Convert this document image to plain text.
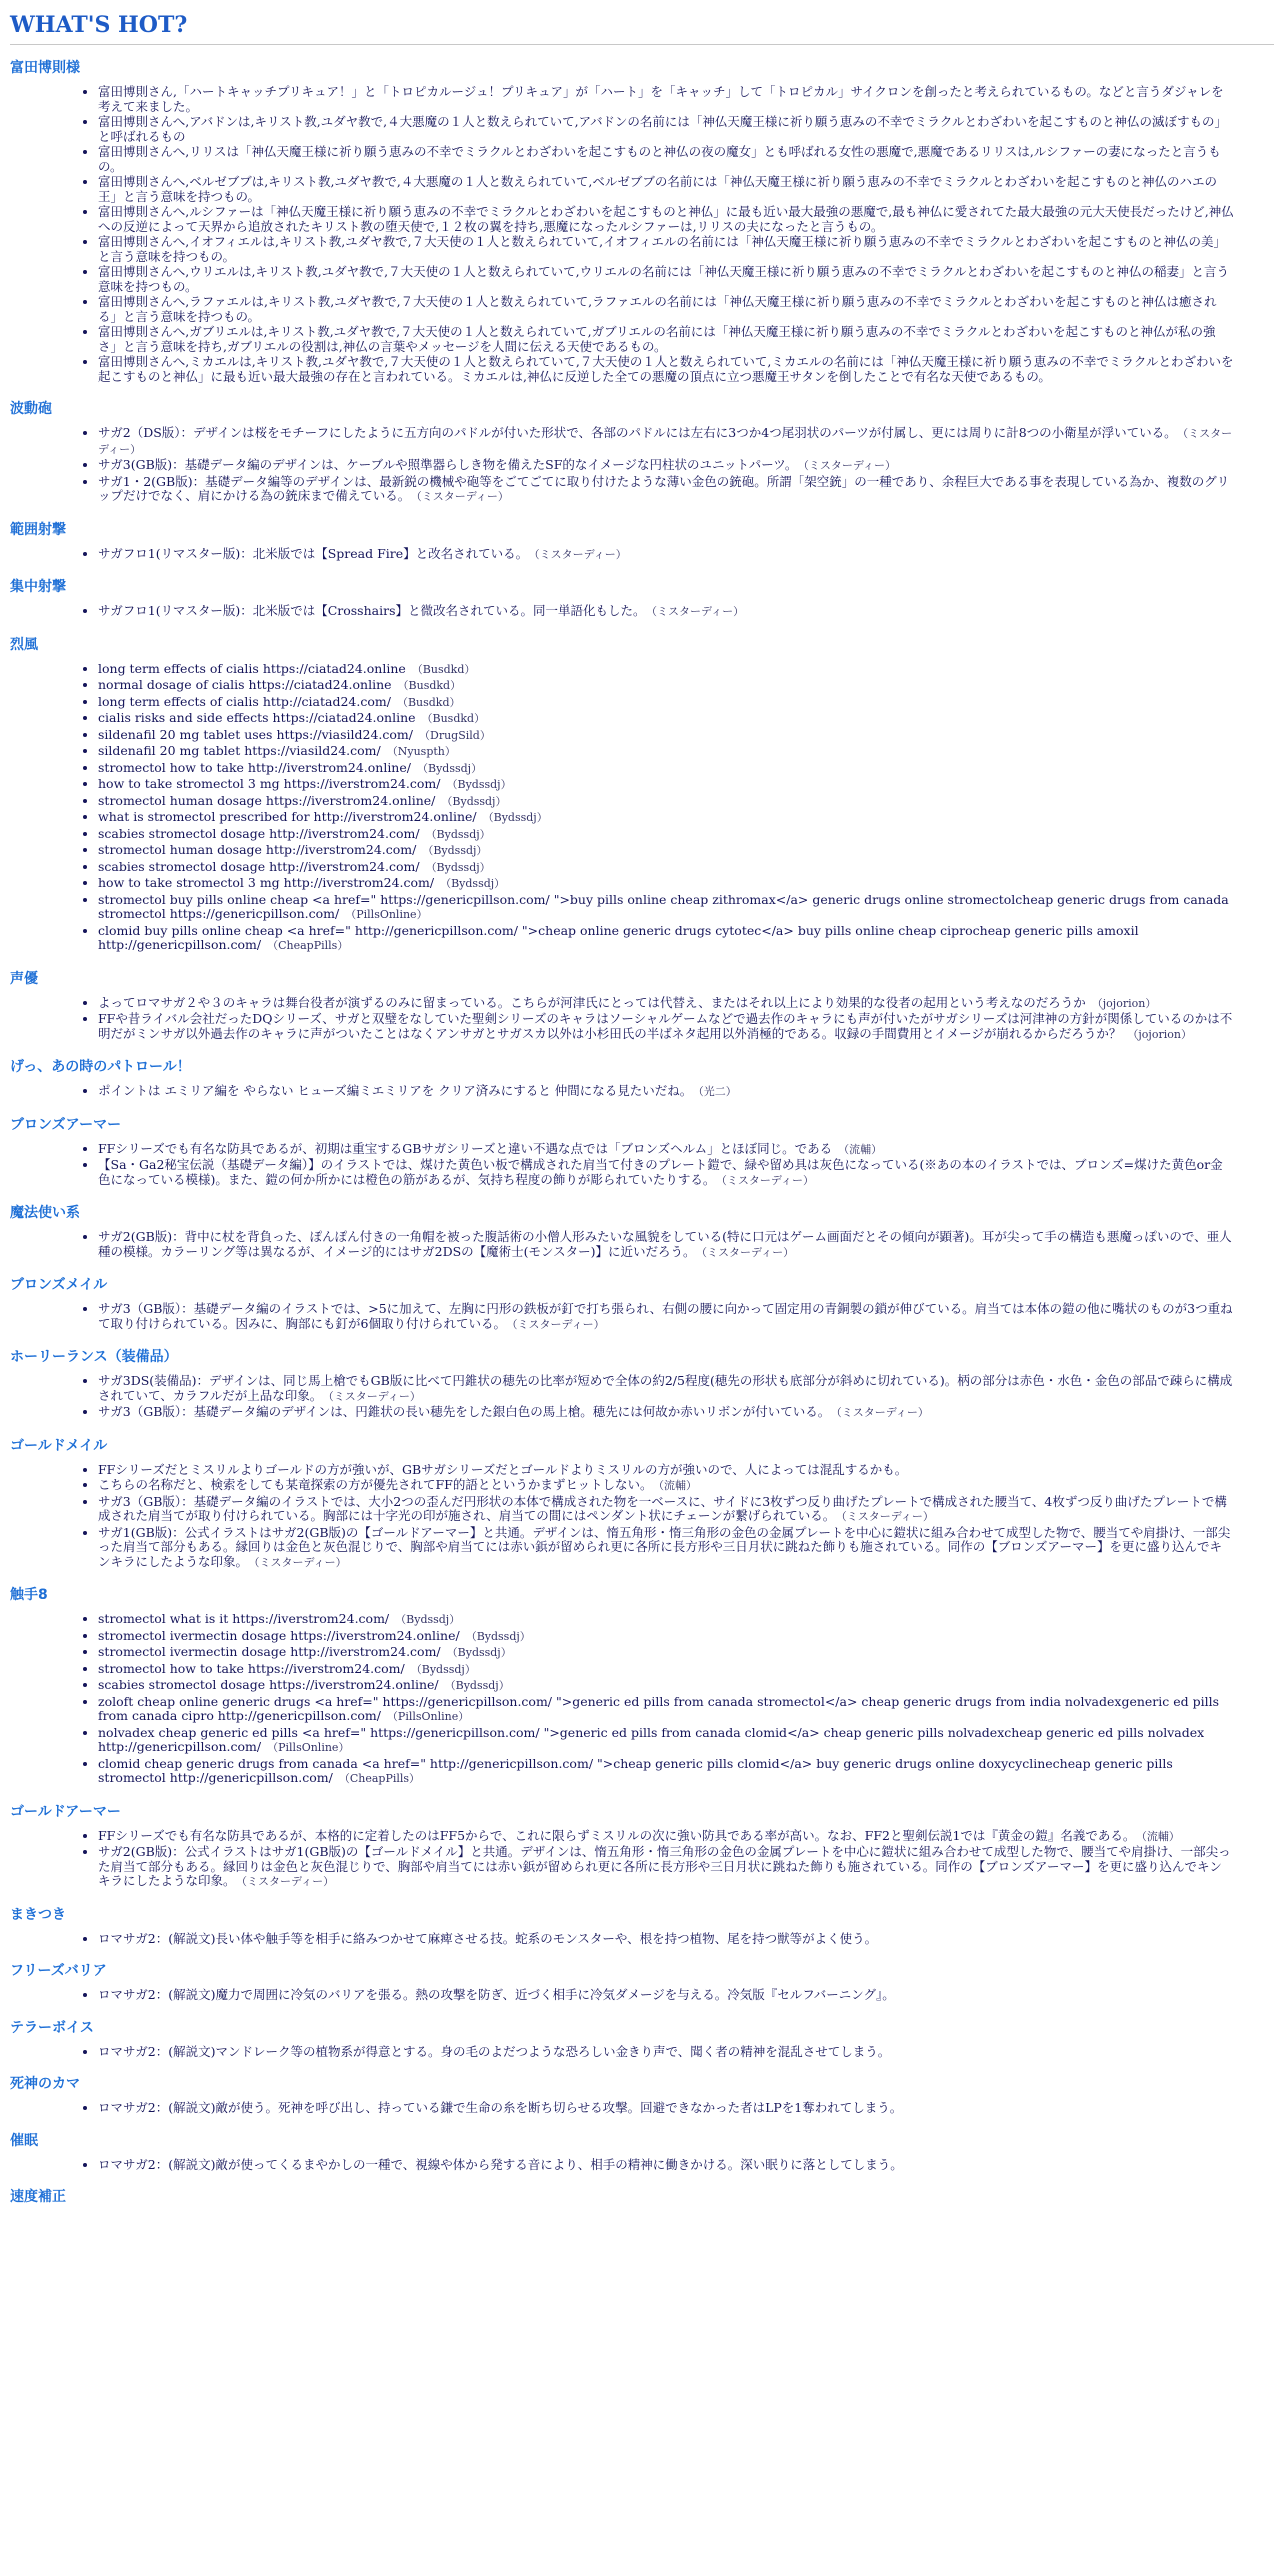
WHAT'S HOT?
富田博則様
• 富田博則さん,「ハートキャッチプリキュア！」と「トロピカルージュ！プリキュア」が「ハート」を「キャッチ」して「トロピカル」サイクロンを創ったと考えられているもの。などと言うダジャレを考えて来ました。
• 富田博則さんへ,アバドンは,キリスト教,ユダヤ教で,４大悪魔の１人と数えられていて,アバドンの名前には「神仏天魔王様に祈り願う恵みの不幸でミラクルとわざわいを起こすものと神仏の滅ぼすもの」と呼ばれるもの
• 富田博則さんへ,リリスは「神仏天魔王様に祈り願う恵みの不幸でミラクルとわざわいを起こすものと神仏の夜の魔女」とも呼ばれる女性の悪魔で,悪魔であるリリスは,ルシファーの妻になったと言うもの。
• 富田博則さんへ,ベルゼブブは,キリスト教,ユダヤ教で,４大悪魔の１人と数えられていて,ベルゼブブの名前には「神仏天魔王様に祈り願う恵みの不幸でミラクルとわざわいを起こすものと神仏のハエの王」と言う意味を持つもの。
• 富田博則さんへ,ルシファーは「神仏天魔王様に祈り願う恵みの不幸でミラクルとわざわいを起こすものと神仏」に最も近い最大最強の悪魔で,最も神仏に愛されてた最大最強の元大天使長だったけど,神仏への反逆によって天界から追放されたキリスト教の堕天使で,１２枚の翼を持ち,悪魔になったルシファーは,リリスの夫になったと言うもの。
• 富田博則さんへ,イオフィエルは,キリスト教,ユダヤ教で,７大天使の１人と数えられていて,イオフィエルの名前には「神仏天魔王様に祈り願う恵みの不幸でミラクルとわざわいを起こすものと神仏の美」と言う意味を持つもの。
• 富田博則さんへ,ウリエルは,キリスト教,ユダヤ教で,７大天使の１人と数えられていて,ウリエルの名前には「神仏天魔王様に祈り願う恵みの不幸でミラクルとわざわいを起こすものと神仏の稲妻」と言う意味を持つもの。
• 富田博則さんへ,ラファエルは,キリスト教,ユダヤ教で,７大天使の１人と数えられていて,ラファエルの名前には「神仏天魔王様に祈り願う恵みの不幸でミラクルとわざわいを起こすものと神仏は癒される」と言う意味を持つもの。
• 富田博則さんへ,ガブリエルは,キリスト教,ユダヤ教で,７大天使の１人と数えられていて,ガブリエルの名前には「神仏天魔王様に祈り願う恵みの不幸でミラクルとわざわいを起こすものと神仏が私の強さ」と言う意味を持ち,ガブリエルの役割は,神仏の言葉やメッセージを人間に伝える天使であるもの。
• 富田博則さんへ,ミカエルは,キリスト教,ユダヤ教で,７大天使の１人と数えられていて,７大天使の１人と数えられていて,ミカエルの名前には「神仏天魔王様に祈り願う恵みの不幸でミラクルとわざわいを起こすものと神仏」に最も近い最大最強の存在と言われている。ミカエルは,神仏に反逆した全ての悪魔の頂点に立つ悪魔王サタンを倒したことで有名な天使であるもの。
波動砲
• サガ2（DS版）：デザインは桜をモチーフにしたように五方向のパドルが付いた形状で、各部のパドルには左右に3つか4つ尾羽状のパーツが付属し、更には周りに計8つの小衛星が浮いている。 （ミスターディー）
• サガ3(GB版)：基礎データ編のデザインは、ケーブルや照準器らしき物を備えたSF的なイメージな円柱状のユニットパーツ。 （ミスターディー）
• サガ1・2(GB版)：基礎データ編等のデザインは、最新鋭の機械や砲等をごてごてに取り付けたような薄い金色の銃砲。所謂「架空銃」の一種であり、余程巨大である事を表現している為か、複数のグリップだけでなく、肩にかける為の銃床まで備えている。 （ミスターディー）
範囲射撃
• サガフロ1(リマスター版)：北米版では【Spread Fire】と改名されている。 （ミスターディー）
集中射撃
• サガフロ1(リマスター版)：北米版では【Crosshairs】と微改名されている。同一単語化もした。 （ミスターディー）
烈風
• long term effects of cialis https://ciatad24.online （Busdkd）
• normal dosage of cialis https://ciatad24.online （Busdkd）
• long term effects of cialis http://ciatad24.com/ （Busdkd）
• cialis risks and side effects https://ciatad24.online （Busdkd）
• sildenafil 20 mg tablet uses https://viasild24.com/ （DrugSild）
• sildenafil 20 mg tablet https://viasild24.com/ （Nyuspth）
• stromectol how to take http://iverstrom24.online/ （Bydssdj）
• how to take stromectol 3 mg https://iverstrom24.com/ （Bydssdj）
• stromectol human dosage https://iverstrom24.online/ （Bydssdj）
• what is stromectol prescribed for http://iverstrom24.online/ （Bydssdj）
• scabies stromectol dosage http://iverstrom24.com/ （Bydssdj）
• stromectol human dosage http://iverstrom24.com/ （Bydssdj）
• scabies stromectol dosage http://iverstrom24.com/ （Bydssdj）
• how to take stromectol 3 mg http://iverstrom24.com/ （Bydssdj）
• stromectol buy pills online cheap <a href=" https://genericpillson.com/ ">buy pills online cheap zithromax</a> generic drugs online stromectolcheap generic drugs from canada stromectol https://genericpillson.com/ （PillsOnline）
• clomid buy pills online cheap <a href=" http://genericpillson.com/ ">cheap online generic drugs cytotec</a> buy pills online cheap ciprocheap generic pills amoxil http://genericpillson.com/ （CheapPills）
声優
• よってロマサガ２や３のキャラは舞台役者が演ずるのみに留まっている。こちらが河津氏にとっては代替え、またはそれ以上により効果的な役者の起用という考えなのだろうか （jojorion）
• FFや昔ライバル会社だったDQシリーズ、サガと双璧をなしていた聖剣シリーズのキャラはソーシャルゲームなどで過去作のキャラにも声が付いたがサガシリーズは河津神の方針が関係しているのかは不明だがミンサガ以外過去作のキャラに声がついたことはなくアンサガとサガスカ以外は小杉田氏の半ばネタ起用以外消極的である。収録の手間費用とイメージが崩れるからだろうか？ （jojorion）
げっ、あの時のパトロール！
• ポイントは エミリア編を やらない ヒューズ編ミエミリアを クリア済みにすると 仲間になる見たいだね。 （光二）
ブロンズアーマー
• FFシリーズでも有名な防具であるが、初期は重宝するGBサガシリーズと違い不遇な点では「ブロンズヘルム」とほぼ同じ。である （流輔）
• 【Sa・Ga2秘宝伝説（基礎データ編）】のイラストでは、煤けた黄色い板で構成された肩当て付きのプレート鎧で、緑や留め具は灰色になっている(※あの本のイラストでは、ブロンズ=煤けた黄色or金色になっている模様)。また、鎧の何か所かには橙色の筋があるが、気持ち程度の飾りが彫られていたりする。 （ミスターディー）
魔法使い系
• サガ2(GB版)：背中に杖を背負った、ぽんぽん付きの一角帽を被った腹話術の小僧人形みたいな風貌をしている(特に口元はゲーム画面だとその傾向が顕著)。耳が尖って手の構造も悪魔っぽいので、亜人種の模様。カラーリング等は異なるが、イメージ的にはサガ2DSの【魔術士(モンスター)】に近いだろう。 （ミスターディー）
ブロンズメイル
• サガ3（GB版）：基礎データ編のイラストでは、>5に加えて、左胸に円形の鉄板が釘で打ち張られ、右側の腰に向かって固定用の青銅製の鎖が伸びている。肩当ては本体の鎧の他に嘴状のものが3つ重ねて取り付けられている。因みに、胸部にも釘が6個取り付けられている。 （ミスターディー）
ホーリーランス（装備品）
• サガ3DS(装備品)：デザインは、同じ馬上槍でもGB版に比べて円錐状の穂先の比率が短めで全体の約2/5程度(穂先の形状も底部分が斜めに切れている)。柄の部分は赤色・水色・金色の部品で疎らに構成されていて、カラフルだが上品な印象。 （ミスターディー）
• サガ3（GB版）：基礎データ編のデザインは、円錐状の長い穂先をした銀白色の馬上槍。穂先には何故か赤いリボンが付いている。 （ミスターディー）
ゴールドメイル
• FFシリーズだとミスリルよりゴールドの方が強いが、GBサガシリーズだとゴールドよりミスリルの方が強いので、人によっては混乱するかも。
• こちらの名称だと、検索をしても某竜探索の方が優先されてFF的語とというかまずヒットしない。 （流輔）
• サガ3（GB版）：基礎データ編のイラストでは、大小2つの歪んだ円形状の本体で構成された物を一ベースに、サイドに3枚ずつ反り曲げたプレートで構成された腰当て、4枚ずつ反り曲げたプレートで構成された肩当てが取り付けられている。胸部には十字光の印が施され、肩当ての間にはペンダント状にチェーンが繋げられている。 （ミスターディー）
• サガ1(GB版)：公式イラストはサガ2(GB版)の【ゴールドアーマー】と共通。デザインは、惰五角形・惰三角形の金色の金属プレートを中心に鎧状に組み合わせて成型した物で、腰当てや肩掛け、一部尖った肩当て部分もある。縁回りは金色と灰色混じりで、胸部や肩当てには赤い鋲が留められ更に各所に長方形や三日月状に跳ねた飾りも施されている。同作の【ブロンズアーマー】を更に盛り込んでキンキラにしたような印象。 （ミスターディー）
触手8
• stromectol what is it https://iverstrom24.com/ （Bydssdj）
• stromectol ivermectin dosage https://iverstrom24.online/ （Bydssdj）
• stromectol ivermectin dosage http://iverstrom24.com/ （Bydssdj）
• stromectol how to take https://iverstrom24.com/ （Bydssdj）
• scabies stromectol dosage https://iverstrom24.online/ （Bydssdj）
• zoloft cheap online generic drugs <a href=" https://genericpillson.com/ ">generic ed pills from canada stromectol</a> cheap generic drugs from india nolvadexgeneric ed pills from canada cipro http://genericpillson.com/ （PillsOnline）
• nolvadex cheap generic ed pills <a href=" https://genericpillson.com/ ">generic ed pills from canada clomid</a> cheap generic pills nolvadexcheap generic ed pills nolvadex http://genericpillson.com/ （PillsOnline）
• clomid cheap generic drugs from canada <a href=" http://genericpillson.com/ ">cheap generic pills clomid</a> buy generic drugs online doxycyclinecheap generic pills stromectol http://genericpillson.com/ （CheapPills）
ゴールドアーマー
• FFシリーズでも有名な防具であるが、本格的に定着したのはFF5からで、これに限らずミスリルの次に強い防具である率が高い。なお、FF2と聖剣伝説1では『黄金の鎧』名義である。 （流輔）
• サガ2(GB版)：公式イラストはサガ1(GB版)の【ゴールドメイル】と共通。デザインは、惰五角形・惰三角形の金色の金属プレートを中心に鎧状に組み合わせて成型した物で、腰当てや肩掛け、一部尖った肩当て部分もある。縁回りは金色と灰色混じりで、胸部や肩当てには赤い鋲が留められ更に各所に長方形や三日月状に跳ねた飾りも施されている。同作の【ブロンズアーマー】を更に盛り込んでキンキラにしたような印象。 （ミスターディー）
まきつき
• ロマサガ2：(解説文)長い体や触手等を相手に絡みつかせて麻痺させる技。蛇系のモンスターや、根を持つ植物、尾を持つ獣等がよく使う。
フリーズバリア
• ロマサガ2：(解説文)魔力で周囲に冷気のバリアを張る。熱の攻撃を防ぎ、近づく相手に冷気ダメージを与える。冷気版『セルフバーニング』。
テラーボイス
• ロマサガ2：(解説文)マンドレーク等の植物系が得意とする。身の毛のよだつような恐ろしい金きり声で、聞く者の精神を混乱させてしまう。
死神のカマ
• ロマサガ2：(解説文)敵が使う。死神を呼び出し、持っている鎌で生命の糸を断ち切らせる攻撃。回避できなかった者はLPを1奪われてしまう。
催眠
• ロマサガ2：(解説文)敵が使ってくるまやかしの一種で、視線や体から発する音により、相手の精神に働きかける。深い眠りに落としてしまう。
速度補正
